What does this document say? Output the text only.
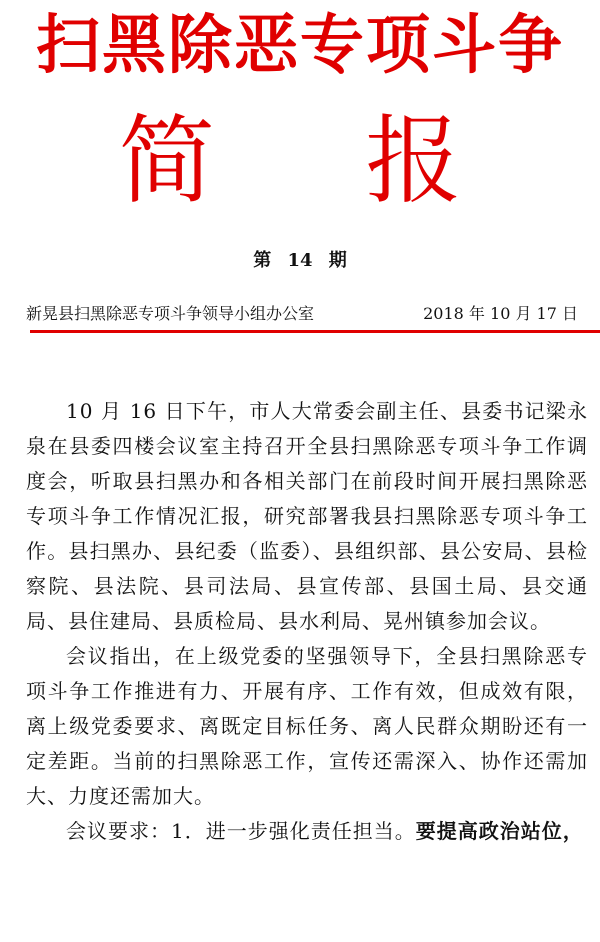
扫黑除恶专项斗争
简 报
第 14 期
新晃县扫黑除恶专项斗争领导小组办公室	2018 年 10 月 17 日

10 月 16 日下午，市人大常委会副主任、县委书记梁永泉在县委四楼会议室主持召开全县扫黑除恶专项斗争工作调度会，听取县扫黑办和各相关部门在前段时间开展扫黑除恶专项斗争工作情况汇报，研究部署我县扫黑除恶专项斗争工作。县扫黑办、县纪委（监委）、县组织部、县公安局、县检察院、县法院、县司法局、县宣传部、县国土局、县交通局、县住建局、县质检局、县水利局、晃州镇参加会议。

会议指出，在上级党委的坚强领导下，全县扫黑除恶专项斗争工作推进有力、开展有序、工作有效，但成效有限，离上级党委要求、离既定目标任务、离人民群众期盼还有一定差距。当前的扫黑除恶工作，宣传还需深入、协作还需加大、力度还需加大。

会议要求：1．进一步强化责任担当。要提高政治站位，
